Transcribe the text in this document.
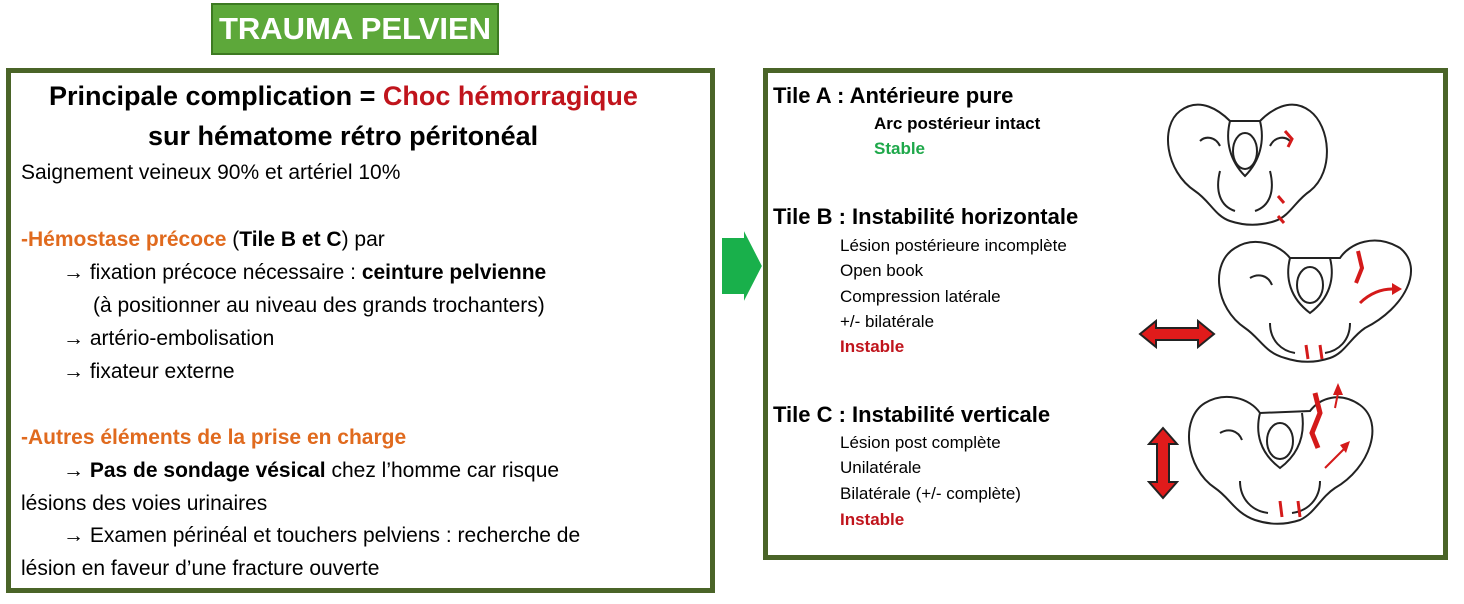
TRAUMA PELVIEN
Principale complication = Choc hémorragique
sur hématome rétro péritonéal
Saignement veineux 90% et artériel 10%
-Hémostase précoce (Tile B et C) par
→ fixation précoce nécessaire : ceinture pelvienne
(à positionner au niveau des grands trochanters)
→ artério-embolisation
→ fixateur externe
-Autres éléments de la prise en charge
→ Pas de sondage vésical chez l’homme car risque
lésions des voies urinaires
→ Examen périnéal et touchers pelviens : recherche de
lésion en faveur d’une fracture ouverte
Tile A : Antérieure pure
Arc postérieur intact
Stable
Tile B : Instabilité horizontale
Lésion postérieure incomplète
Open book
Compression latérale
+/- bilatérale
Instable
Tile C : Instabilité verticale
Lésion post complète
Unilatérale
Bilatérale (+/- complète)
Instable
